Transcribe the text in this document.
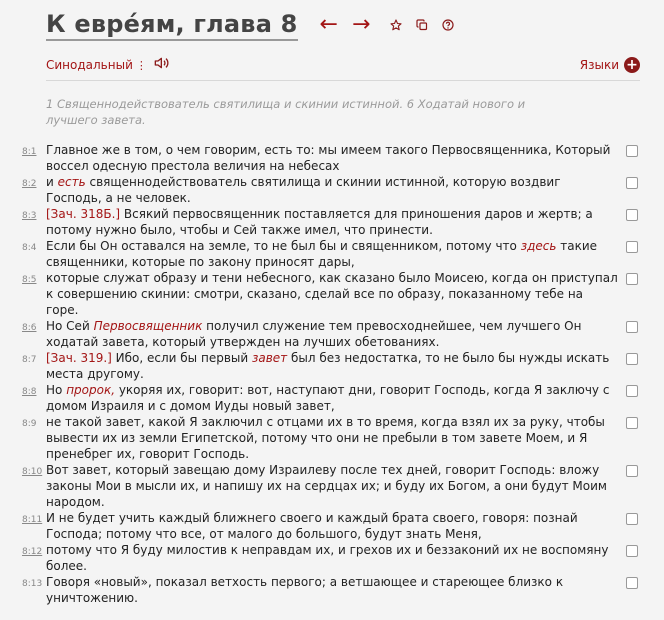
К евре́ям, глава 8 ← →
Синодальный ⋮	Языки +
1 Священнодействователь святилища и скинии истинной. 6 Ходатай нового и лучшего завета.
8:1 Главное же в том, о чем говорим, есть то: мы имеем такого Первосвященника, Который воссел одесную престола величия на небесах
8:2 и есть священнодействователь святилища и скинии истинной, которую воздвиг Господь, а не человек.
8:3 [Зач. 318Б.] Всякий первосвященник поставляется для приношения даров и жертв; а потому нужно было, чтобы и Сей также имел, что принести.
8:4 Если бы Он оставался на земле, то не был бы и священником, потому что здесь такие священники, которые по закону приносят дары,
8:5 которые служат образу и тени небесного, как сказано было Моисею, когда он приступал к совершению скинии: смотри, сказано, сделай все по образу, показанному тебе на горе.
8:6 Но Сей Первосвященник получил служение тем превосходнейшее, чем лучшего Он ходатай завета, который утвержден на лучших обетованиях.
8:7 [Зач. 319.] Ибо, если бы первый завет был без недостатка, то не было бы нужды искать места другому.
8:8 Но пророк, укоряя их, говорит: вот, наступают дни, говорит Господь, когда Я заключу с домом Израиля и с домом Иуды новый завет,
8:9 не такой завет, какой Я заключил с отцами их в то время, когда взял их за руку, чтобы вывести их из земли Египетской, потому что они не пребыли в том завете Моем, и Я пренебрег их, говорит Господь.
8:10 Вот завет, который завещаю дому Израилеву после тех дней, говорит Господь: вложу законы Мои в мысли их, и напишу их на сердцах их; и буду их Богом, а они будут Моим народом.
8:11 И не будет учить каждый ближнего своего и каждый брата своего, говоря: познай Господа; потому что все, от малого до большого, будут знать Меня,
8:12 потому что Я буду милостив к неправдам их, и грехов их и беззаконий их не воспомяну более.
8:13 Говоря «новый», показал ветхость первого; а ветшающее и стареющее близко к уничтожению.
